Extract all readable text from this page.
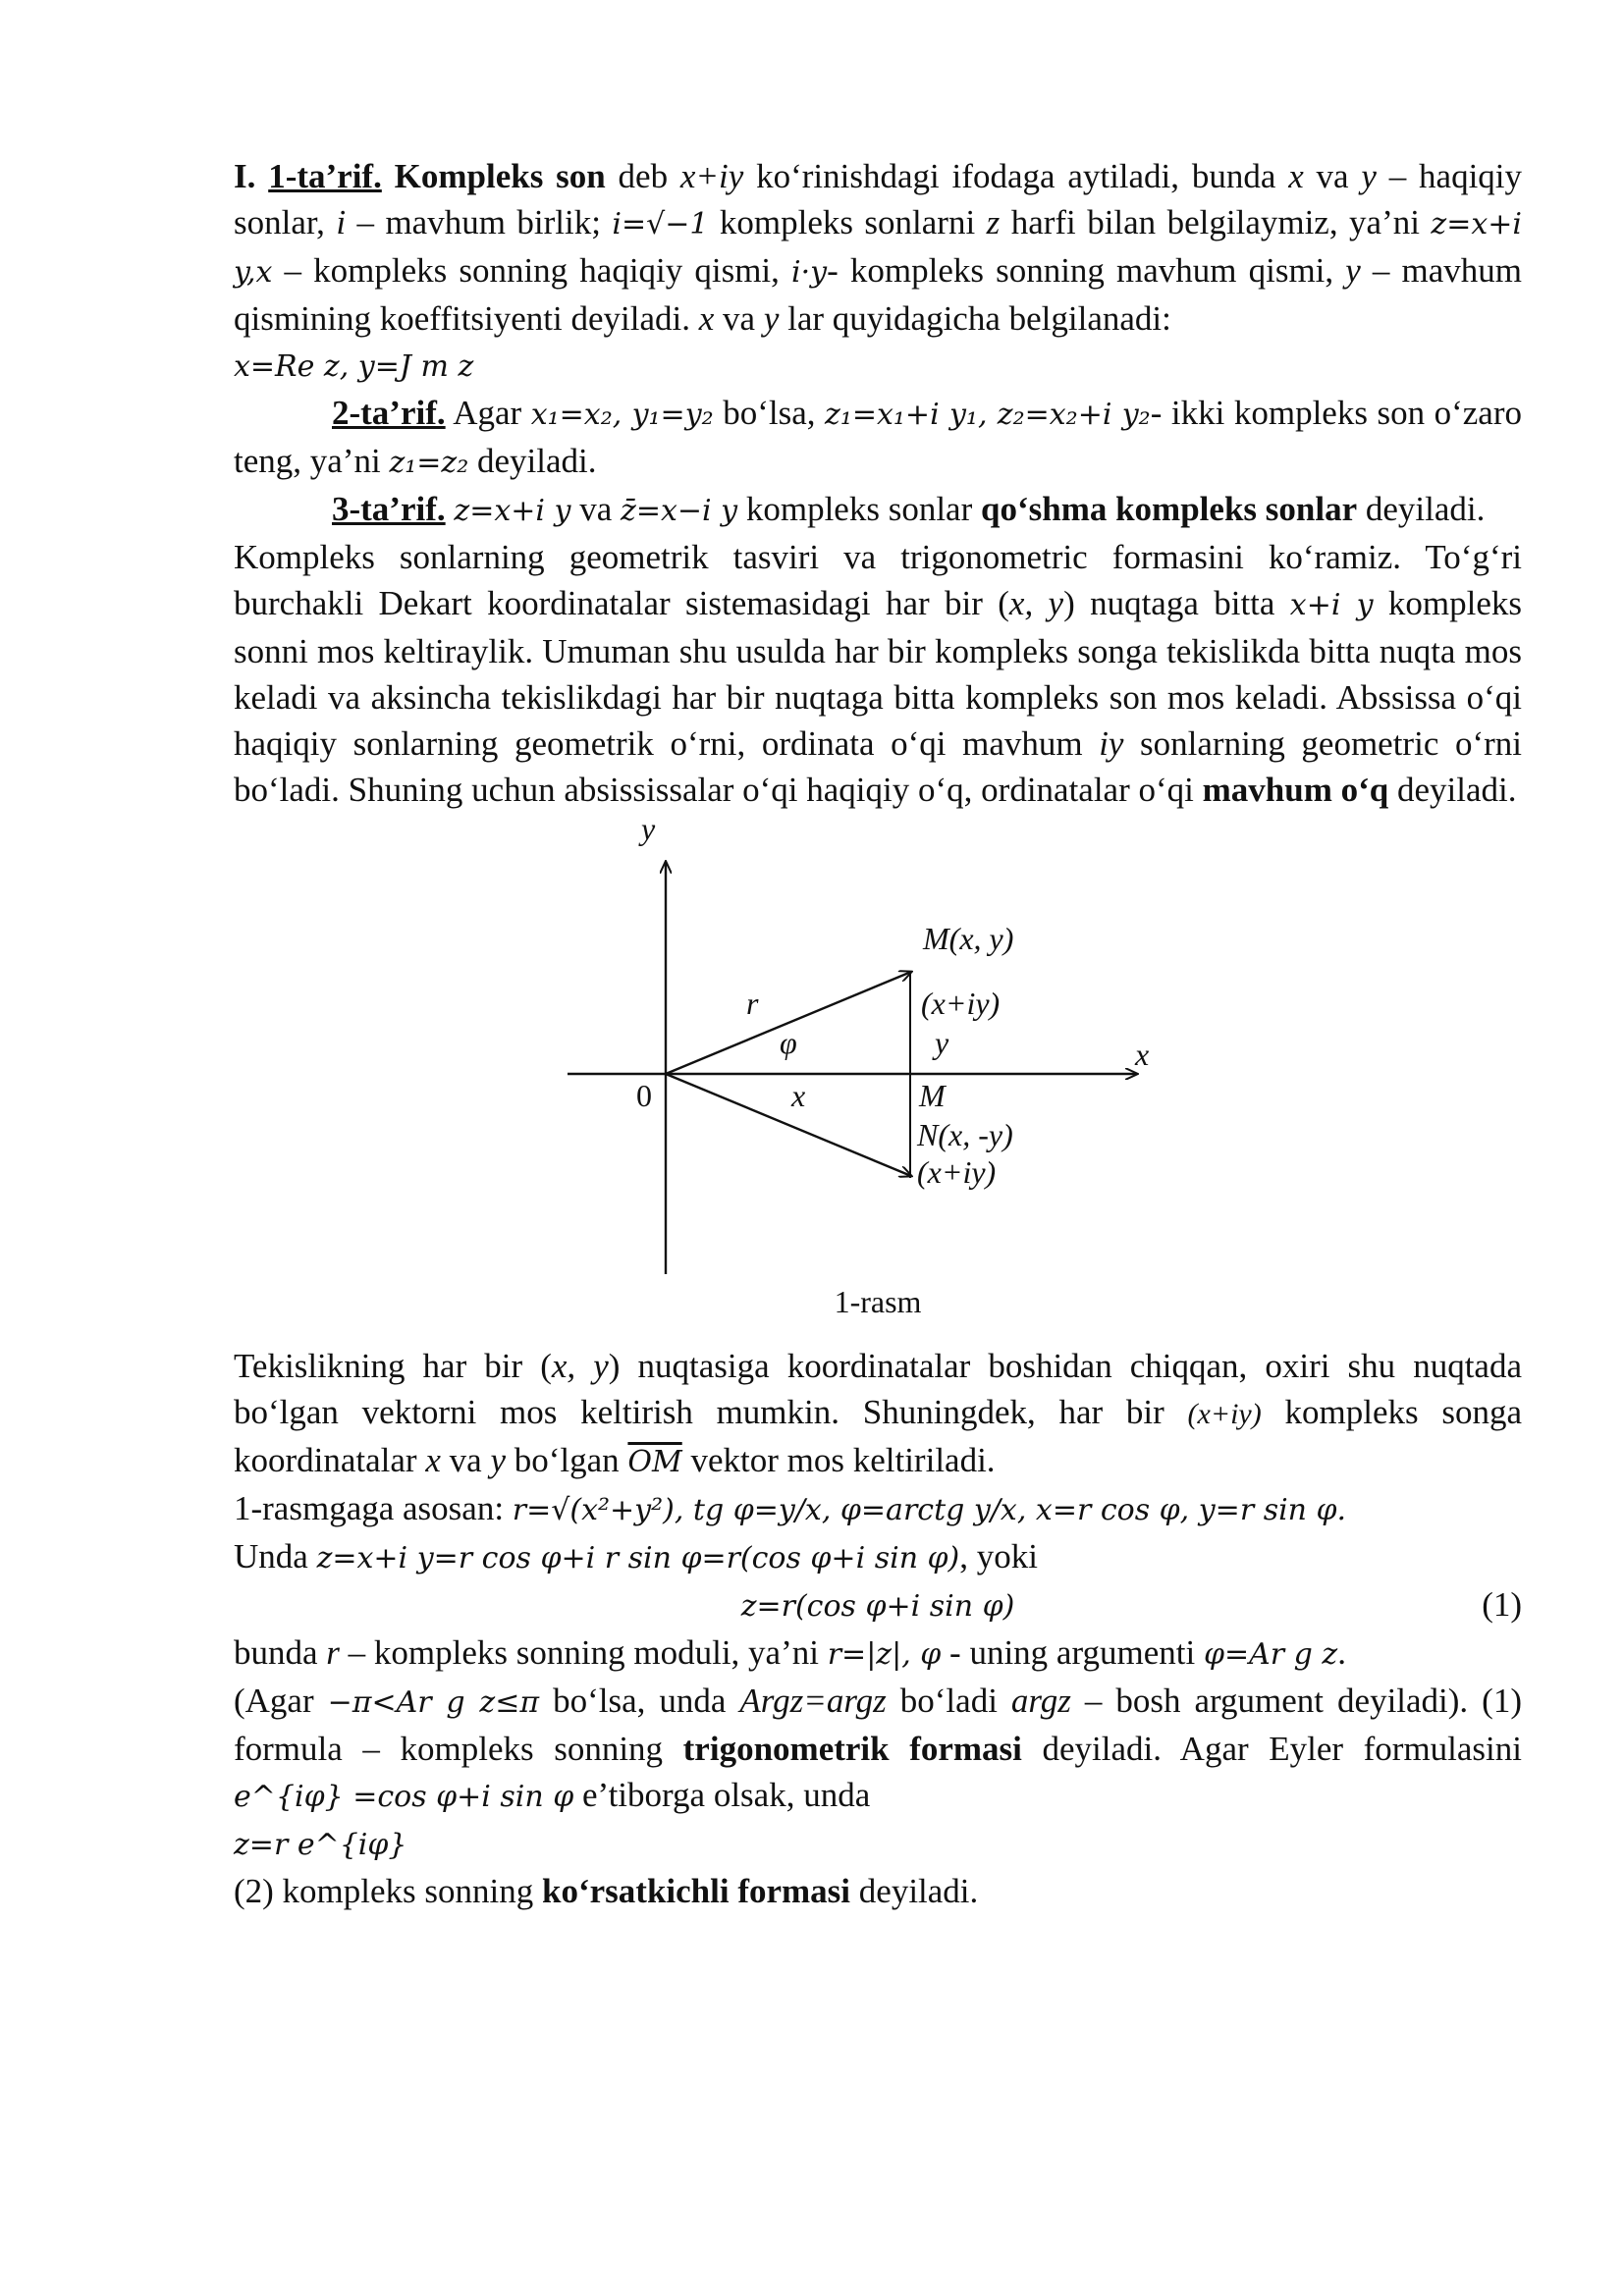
I. 1-ta’rif. Kompleks son deb x+iy ko‘rinishdagi ifodaga aytiladi, bunda x va y – haqiqiy sonlar, i – mavhum birlik; i=√−1 kompleks sonlarni z harfi bilan belgilaymiz, ya’ni z=x+i y,x – kompleks sonning haqiqiy qismi, i·y- kompleks sonning mavhum qismi, y – mavhum qismining koeffitsiyenti deyiladi. x va y lar quyidagicha belgilanadi:

x=Re z, y=J m z

2-ta’rif. Agar x₁=x₂, y₁=y₂ bo‘lsa, z₁=x₁+i y₁, z₂=x₂+i y₂- ikki kompleks son o‘zaro teng, ya’ni z₁=z₂ deyiladi.

3-ta’rif. z=x+i y va z̄=x−i y kompleks sonlar qo‘shma kompleks sonlar deyiladi.

Kompleks sonlarning geometrik tasviri va trigonometric formasini ko‘ramiz. To‘g‘ri burchakli Dekart koordinatalar sistemasidagi har bir (x, y) nuqtaga bitta x+i y kompleks sonni mos keltiraylik. Umuman shu usulda har bir kompleks songa tekislikda bitta nuqta mos keladi va aksincha tekislikdagi har bir nuqtaga bitta kompleks son mos keladi. Abssissa o‘qi haqiqiy sonlarning geometrik o‘rni, ordinata o‘qi mavhum iy sonlarning geometric o‘rni bo‘ladi. Shuning uchun absississalar o‘qi haqiqiy o‘q, ordinatalar o‘qi mavhum o‘q deyiladi.

y
x
0
M(x, y)
r
φ
(x+iy)
y
x	M
N(x, -y)
(x+iy)
1-rasm

Tekislikning har bir (x, y) nuqtasiga koordinatalar boshidan chiqqan, oxiri shu nuqtada bo‘lgan vektorni mos keltirish mumkin. Shuningdek, har bir (x+iy) kompleks songa koordinatalar x va y bo‘lgan $\overline{OM}$ vektor mos keltiriladi.

1-rasmgaga asosan: r=√(x²+y²), tg φ=y/x, φ=arctg y/x, x=r cos φ, y=r sin φ.

Unda z=x+i y=r cos φ+i r sin φ=r(cos φ+i sin φ), yoki

z=r(cos φ+i sin φ)	(1)

bunda r – kompleks sonning moduli, ya’ni r=|z|, φ - uning argumenti φ=Ar g z.
(Agar −π<Ar g z≤π bo‘lsa, unda Argz=argz bo‘ladi argz – bosh argument deyiladi). (1) formula – kompleks sonning trigonometrik formasi deyiladi. Agar Eyler formulasini e^{iφ} =cos φ+i sin φ e’tiborga olsak, unda

z=r e^{iφ}

(2) kompleks sonning ko‘rsatkichli formasi deyiladi.
